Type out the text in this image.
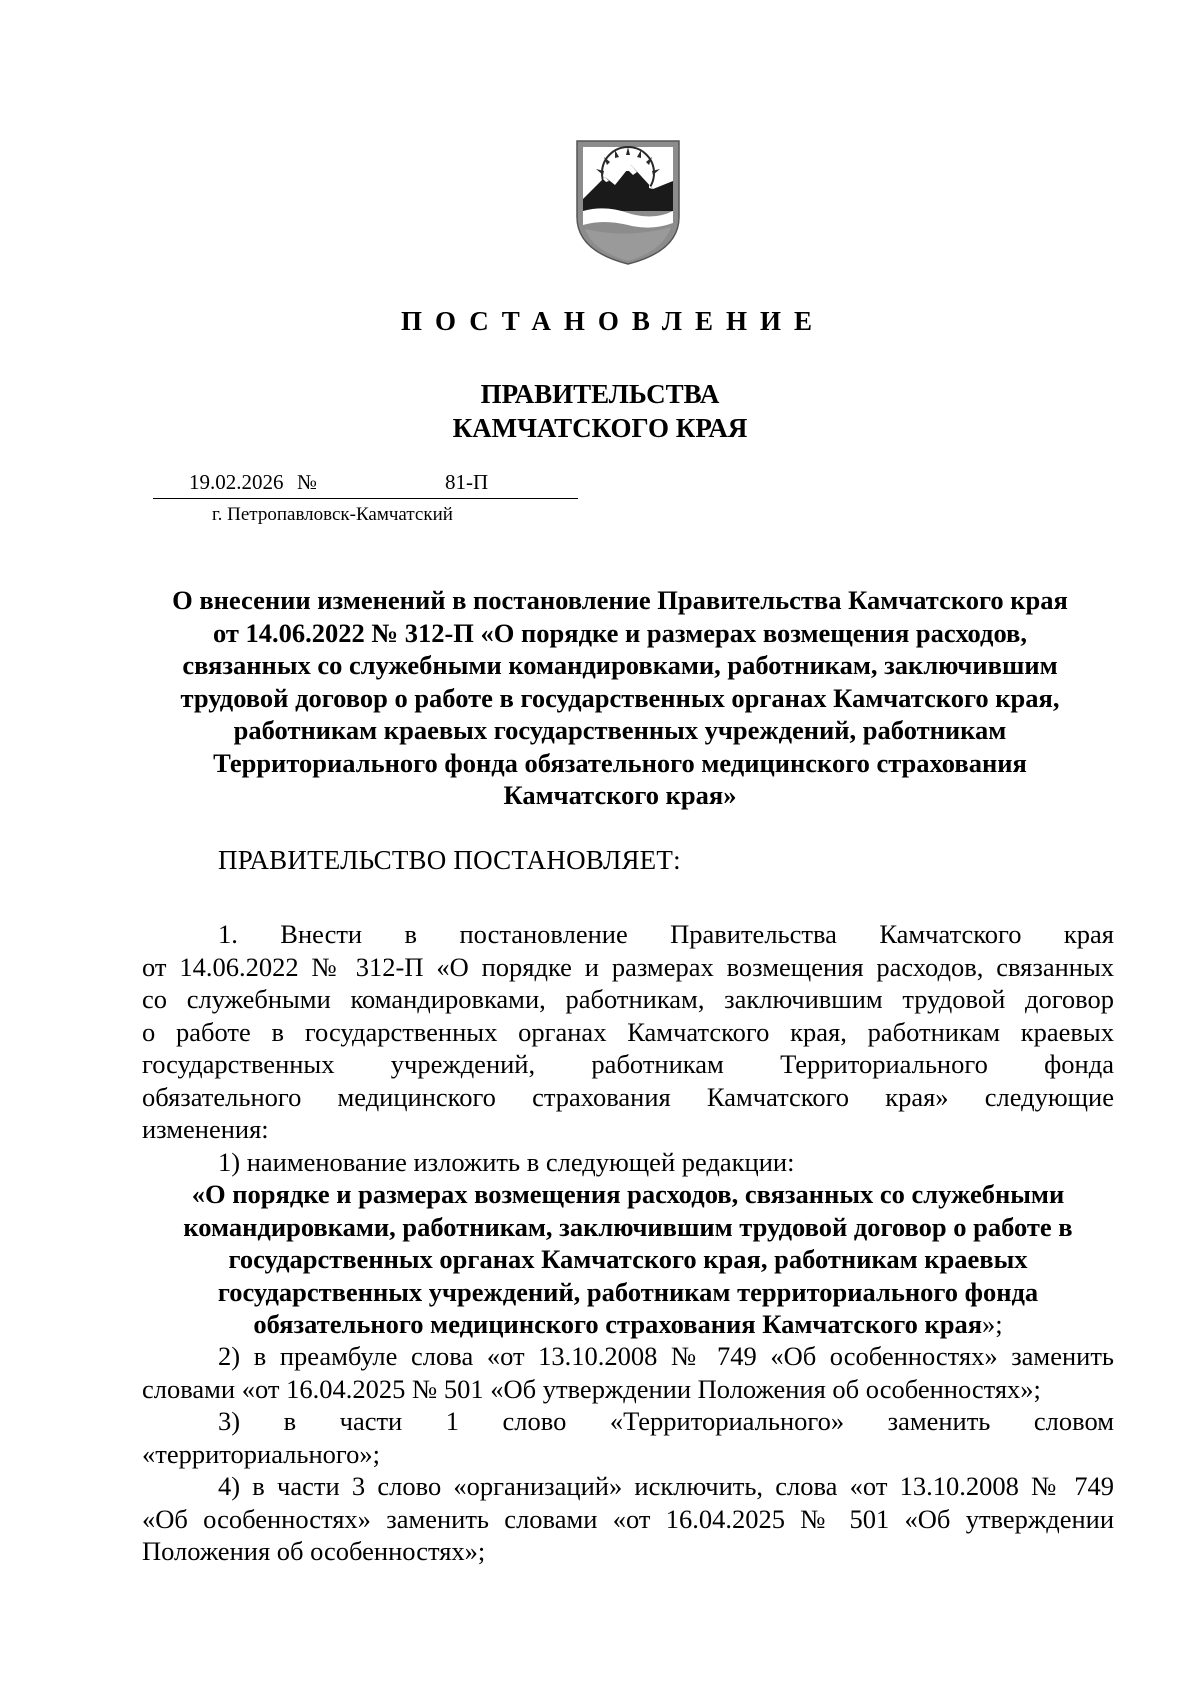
ПОСТАНОВЛЕНИЕ
ПРАВИТЕЛЬСТВА
КАМЧАТСКОГО КРАЯ
19.02.2026 №	81-П
г. Петропавловск-Камчатский
О внесении изменений в постановление Правительства Камчатского края
от 14.06.2022 № 312-П «О порядке и размерах возмещения расходов,
связанных со служебными командировками, работникам, заключившим
трудовой договор о работе в государственных органах Камчатского края,
работникам краевых государственных учреждений, работникам
Территориального фонда обязательного медицинского страхования
Камчатского края»
ПРАВИТЕЛЬСТВО ПОСТАНОВЛЯЕТ:
1. Внести в постановление Правительства Камчатского края
от 14.06.2022 № 312-П «О порядке и размерах возмещения расходов, связанных
со служебными командировками, работникам, заключившим трудовой договор
о работе в государственных органах Камчатского края, работникам краевых
государственных учреждений, работникам Территориального фонда
обязательного медицинского страхования Камчатского края» следующие
изменения:
1) наименование изложить в следующей редакции:
«О порядке и размерах возмещения расходов, связанных со служебными
командировками, работникам, заключившим трудовой договор о работе в
государственных органах Камчатского края, работникам краевых
государственных учреждений, работникам территориального фонда
обязательного медицинского страхования Камчатского края»;
2) в преамбуле слова «от 13.10.2008 № 749 «Об особенностях» заменить
словами «от 16.04.2025 № 501 «Об утверждении Положения об особенностях»;
3) в части 1 слово «Территориального» заменить словом
«территориального»;
4) в части 3 слово «организаций» исключить, слова «от 13.10.2008 № 749
«Об особенностях» заменить словами «от 16.04.2025 № 501 «Об утверждении
Положения об особенностях»;
